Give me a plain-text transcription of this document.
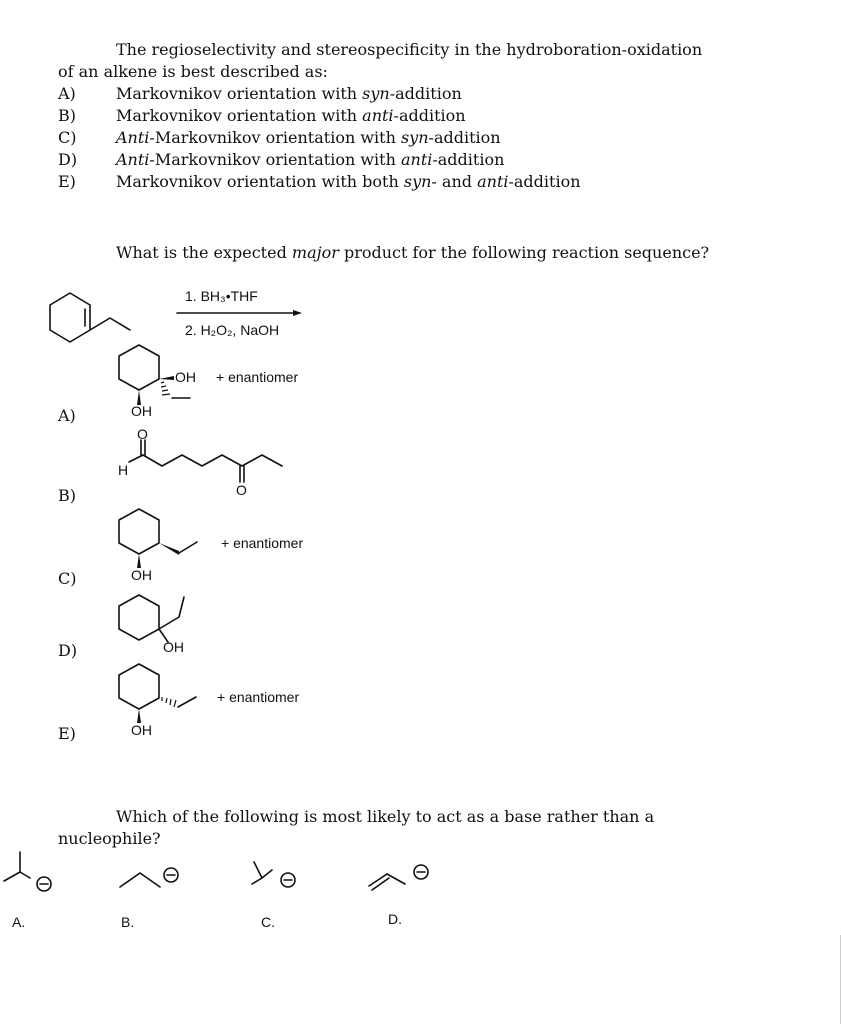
The regioselectivity and stereospecificity in the hydroboration-oxidation
of an alkene is best described as:
A)	Markovnikov orientation with syn-addition
B)	Markovnikov orientation with anti-addition
C) Anti-Markovnikov orientation with syn-addition
D) Anti-Markovnikov orientation with anti-addition
E)	Markovnikov orientation with both syn- and anti-addition
What is the expected major product for the following reaction sequence?
1. BH₃•THF
2. H₂O₂, NaOH
OH + enantiomer
OH
O
H
O
+ enantiomer
OH
OH
+ enantiomer
OH
A)
B)
C)
D)
E)
Which of the following is most likely to act as a base rather than a
nucleophile?
A.	B.	C.	D.
